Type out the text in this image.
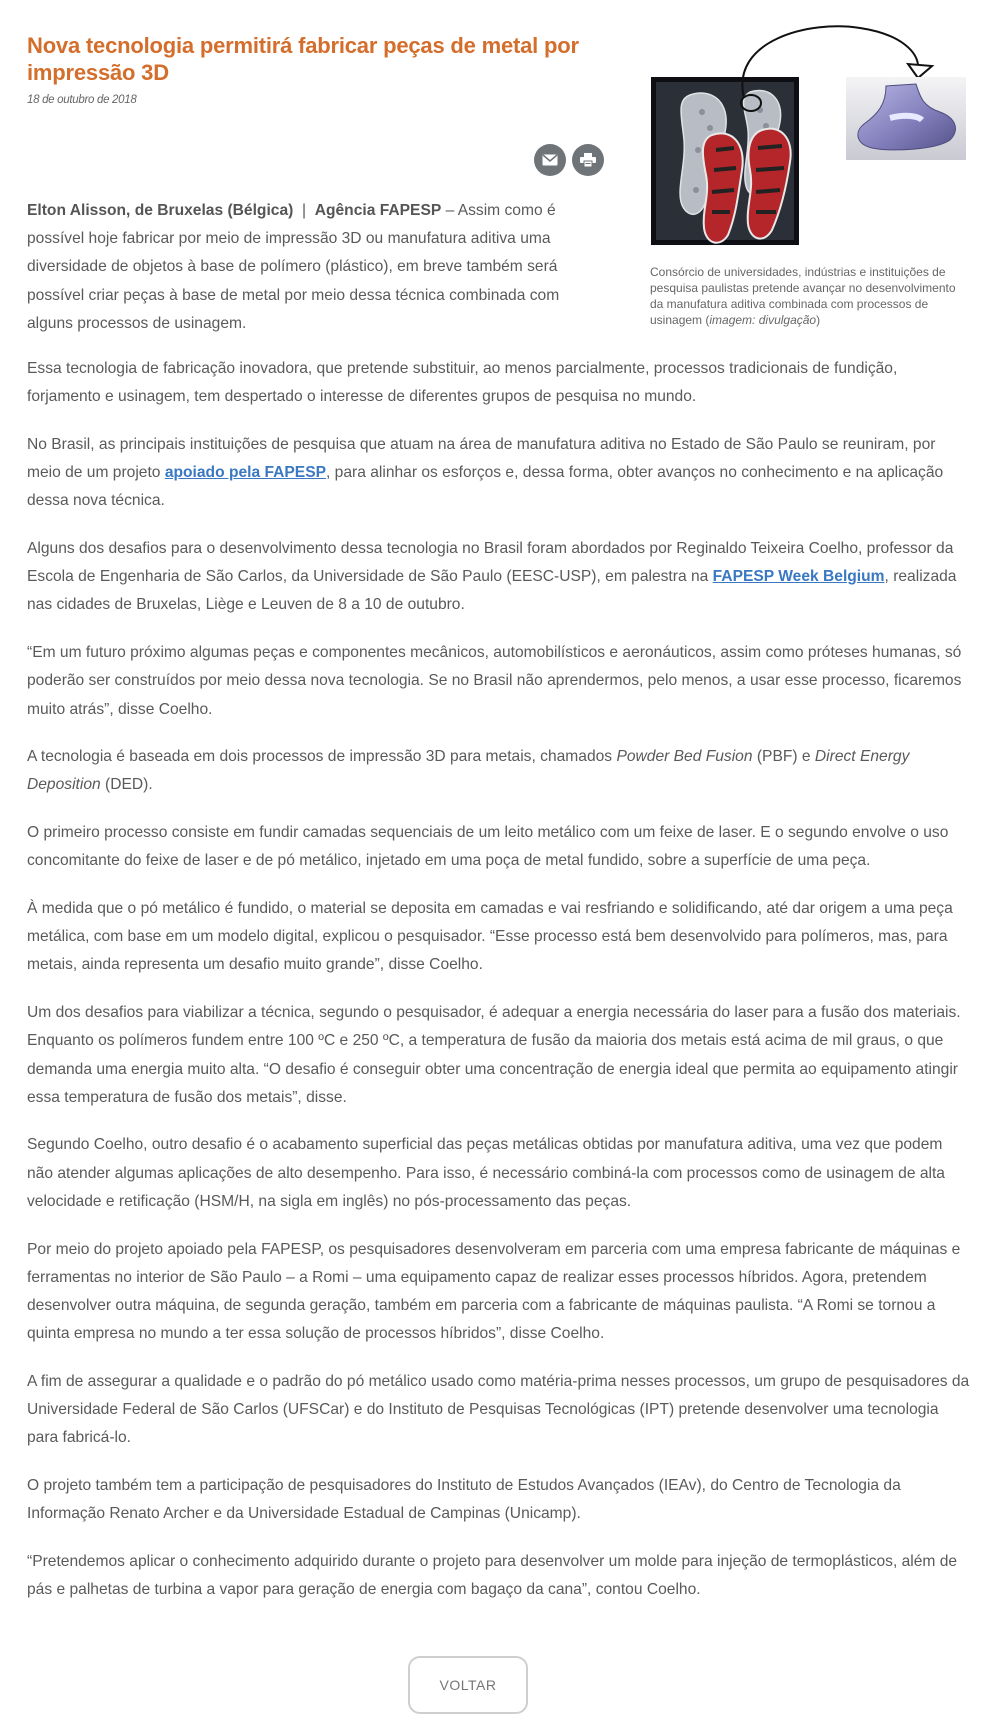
Nova tecnologia permitirá fabricar peças de metal por impressão 3D
18 de outubro de 2018
Consórcio de universidades, indústrias e instituições de pesquisa paulistas pretende avançar no desenvolvimento da manufatura aditiva combinada com processos de usinagem (imagem: divulgação)

Elton Alisson, de Bruxelas (Bélgica) | Agência FAPESP – Assim como é possível hoje fabricar por meio de impressão 3D ou manufatura aditiva uma diversidade de objetos à base de polímero (plástico), em breve também será possível criar peças à base de metal por meio dessa técnica combinada com alguns processos de usinagem.

Essa tecnologia de fabricação inovadora, que pretende substituir, ao menos parcialmente, processos tradicionais de fundição, forjamento e usinagem, tem despertado o interesse de diferentes grupos de pesquisa no mundo.

No Brasil, as principais instituições de pesquisa que atuam na área de manufatura aditiva no Estado de São Paulo se reuniram, por meio de um projeto apoiado pela FAPESP, para alinhar os esforços e, dessa forma, obter avanços no conhecimento e na aplicação dessa nova técnica.

Alguns dos desafios para o desenvolvimento dessa tecnologia no Brasil foram abordados por Reginaldo Teixeira Coelho, professor da Escola de Engenharia de São Carlos, da Universidade de São Paulo (EESC-USP), em palestra na FAPESP Week Belgium, realizada nas cidades de Bruxelas, Liège e Leuven de 8 a 10 de outubro.

“Em um futuro próximo algumas peças e componentes mecânicos, automobilísticos e aeronáuticos, assim como próteses humanas, só poderão ser construídos por meio dessa nova tecnologia. Se no Brasil não aprendermos, pelo menos, a usar esse processo, ficaremos muito atrás”, disse Coelho.

A tecnologia é baseada em dois processos de impressão 3D para metais, chamados Powder Bed Fusion (PBF) e Direct Energy Deposition (DED).

O primeiro processo consiste em fundir camadas sequenciais de um leito metálico com um feixe de laser. E o segundo envolve o uso concomitante do feixe de laser e de pó metálico, injetado em uma poça de metal fundido, sobre a superfície de uma peça.

À medida que o pó metálico é fundido, o material se deposita em camadas e vai resfriando e solidificando, até dar origem a uma peça metálica, com base em um modelo digital, explicou o pesquisador. “Esse processo está bem desenvolvido para polímeros, mas, para metais, ainda representa um desafio muito grande”, disse Coelho.

Um dos desafios para viabilizar a técnica, segundo o pesquisador, é adequar a energia necessária do laser para a fusão dos materiais. Enquanto os polímeros fundem entre 100 ºC e 250 ºC, a temperatura de fusão da maioria dos metais está acima de mil graus, o que demanda uma energia muito alta. “O desafio é conseguir obter uma concentração de energia ideal que permita ao equipamento atingir essa temperatura de fusão dos metais”, disse.

Segundo Coelho, outro desafio é o acabamento superficial das peças metálicas obtidas por manufatura aditiva, uma vez que podem não atender algumas aplicações de alto desempenho. Para isso, é necessário combiná-la com processos como de usinagem de alta velocidade e retificação (HSM/H, na sigla em inglês) no pós-processamento das peças.

Por meio do projeto apoiado pela FAPESP, os pesquisadores desenvolveram em parceria com uma empresa fabricante de máquinas e ferramentas no interior de São Paulo – a Romi – uma equipamento capaz de realizar esses processos híbridos. Agora, pretendem desenvolver outra máquina, de segunda geração, também em parceria com a fabricante de máquinas paulista. “A Romi se tornou a quinta empresa no mundo a ter essa solução de processos híbridos”, disse Coelho.

A fim de assegurar a qualidade e o padrão do pó metálico usado como matéria-prima nesses processos, um grupo de pesquisadores da Universidade Federal de São Carlos (UFSCar) e do Instituto de Pesquisas Tecnológicas (IPT) pretende desenvolver uma tecnologia para fabricá-lo.

O projeto também tem a participação de pesquisadores do Instituto de Estudos Avançados (IEAv), do Centro de Tecnologia da Informação Renato Archer e da Universidade Estadual de Campinas (Unicamp).

“Pretendemos aplicar o conhecimento adquirido durante o projeto para desenvolver um molde para injeção de termoplásticos, além de pás e palhetas de turbina a vapor para geração de energia com bagaço da cana”, contou Coelho.

VOLTAR
